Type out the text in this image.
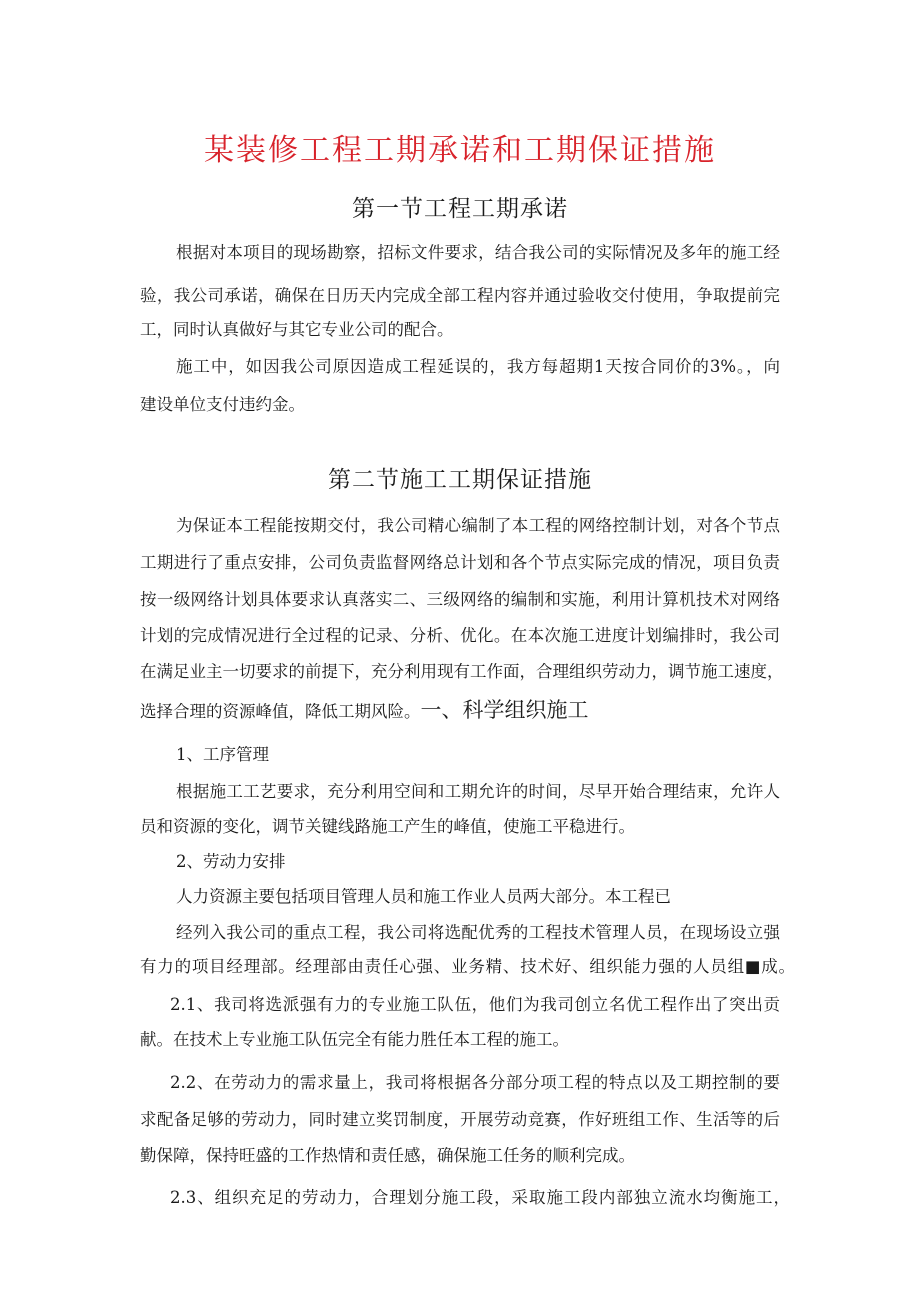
某装修工程工期承诺和工期保证措施
第一节工程工期承诺
根据对本项目的现场勘察，招标文件要求，结合我公司的实际情况及多年的施工经
验，我公司承诺，确保在日历天内完成全部工程内容并通过验收交付使用，争取提前完
工，同时认真做好与其它专业公司的配合。
施工中，如因我公司原因造成工程延误的，我方每超期1天按合同价的3%。，向
建设单位支付违约金。
第二节施工工期保证措施
为保证本工程能按期交付，我公司精心编制了本工程的网络控制计划，对各个节点
工期进行了重点安排，公司负责监督网络总计划和各个节点实际完成的情况，项目负责
按一级网络计划具体要求认真落实二、三级网络的编制和实施，利用计算机技术对网络
计划的完成情况进行全过程的记录、分析、优化。在本次施工进度计划编排时，我公司
在满足业主一切要求的前提下，充分利用现有工作面，合理组织劳动力，调节施工速度，
选择合理的资源峰值，降低工期风险。一、科学组织施工
1、工序管理
根据施工工艺要求，充分利用空间和工期允许的时间，尽早开始合理结束，允许人
员和资源的变化，调节关键线路施工产生的峰值，使施工平稳进行。
2、劳动力安排
人力资源主要包括项目管理人员和施工作业人员两大部分。本工程已
经列入我公司的重点工程，我公司将选配优秀的工程技术管理人员，在现场设立强
有力的项目经理部。经理部由责任心强、业务精、技术好、组织能力强的人员组■成。
2.1、我司将选派强有力的专业施工队伍，他们为我司创立名优工程作出了突出贡
献。在技术上专业施工队伍完全有能力胜任本工程的施工。
2.2、在劳动力的需求量上，我司将根据各分部分项工程的特点以及工期控制的要
求配备足够的劳动力，同时建立奖罚制度，开展劳动竞赛，作好班组工作、生活等的后
勤保障，保持旺盛的工作热情和责任感，确保施工任务的顺利完成。
2.3、组织充足的劳动力，合理划分施工段，采取施工段内部独立流水均衡施工，
